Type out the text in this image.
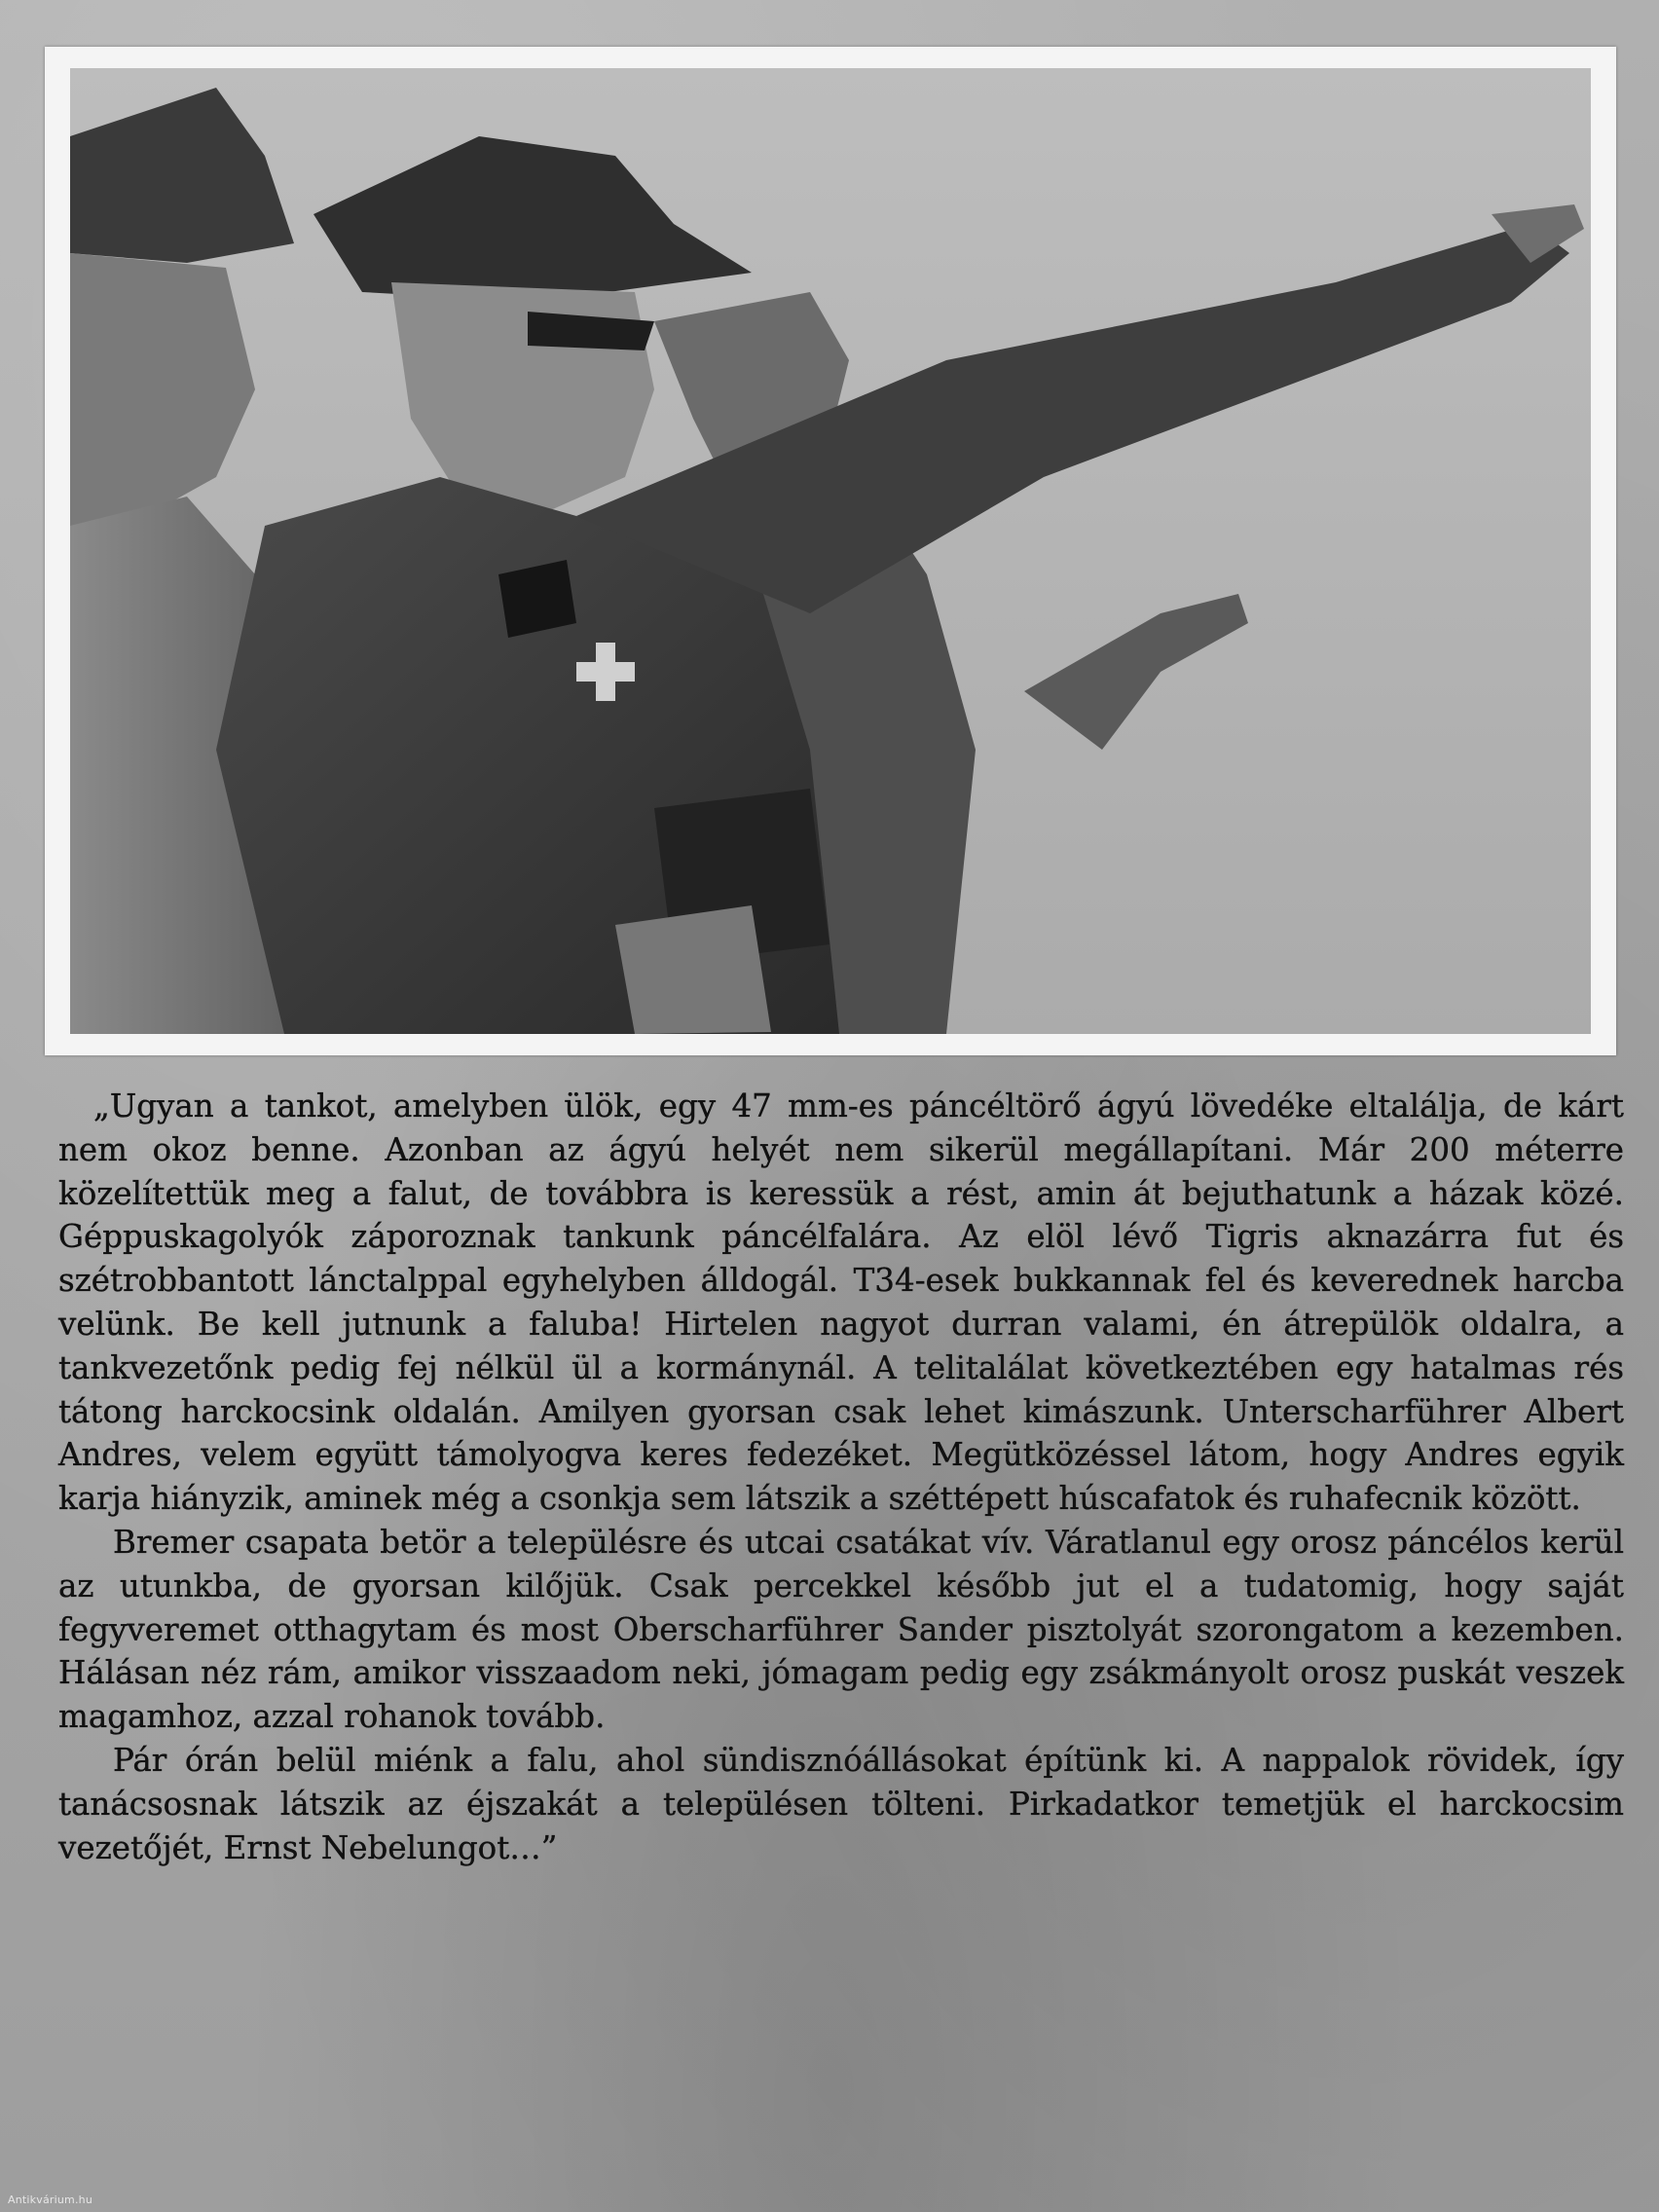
„Ugyan a tankot, amelyben ülök, egy 47 mm-es páncéltörő ágyú lövedéke eltalálja, de kárt nem okoz benne. Azonban az ágyú helyét nem sikerül megállapítani. Már 200 méterre közelítettük meg a falut, de továbbra is keressük a rést, amin át bejuthatunk a házak közé. Géppuskagolyók záporoznak tankunk páncélfalára. Az elöl lévő Tigris aknazárra fut és szétrobbantott lánctalppal egyhelyben álldogál. T34-esek bukkannak fel és keverednek harcba velünk. Be kell jutnunk a faluba! Hirtelen nagyot durran valami, én átrepülök oldalra, a tankvezetőnk pedig fej nélkül ül a kormánynál. A telitalálat következtében egy hatalmas rés tátong harckocsink oldalán. Amilyen gyorsan csak lehet kimászunk. Unterscharführer Albert Andres, velem együtt támolyogva keres fedezéket. Megütközéssel látom, hogy Andres egyik karja hiányzik, aminek még a csonkja sem látszik a széttépett húscafatok és ruhafecnik között.

Bremer csapata betör a településre és utcai csatákat vív. Váratlanul egy orosz páncélos kerül az utunkba, de gyorsan kilőjük. Csak percekkel később jut el a tudatomig, hogy saját fegyveremet otthagytam és most Oberscharführer Sander pisztolyát szorongatom a kezemben. Hálásan néz rám, amikor visszaadom neki, jómagam pedig egy zsákmányolt orosz puskát veszek magamhoz, azzal rohanok tovább.

Pár órán belül miénk a falu, ahol sündisznóállásokat építünk ki. A nappalok rövidek, így tanácsosnak látszik az éjszakát a településen tölteni. Pirkadatkor temetjük el harckocsim vezetőjét, Ernst Nebelungot…”

Antikvárium.hu
